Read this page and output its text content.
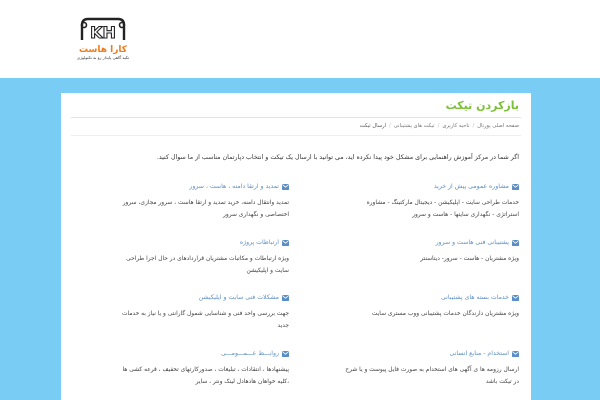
KH
کارا هاست
تکیه گاهی پایدار رو به تکنولوژی
بازکردن تیکت
صفحه اصلی پورتال
/
ناحیه کاربری
/
تیکت های پشتیبانی
/
ارسال تیکت

اگر شما در مرکز آموزش راهنمایی برای مشکل خود پیدا نکرده اید، می توانید با ارسال یک تیکت و انتخاب دپارتمان مناسب از ما سوال کنید.

مشاوره عمومی پیش از خرید
خدمات طراحی سایت - اپلیکیشن - دیجیتال مارکتینگ - مشاوره استراتژی - نگهداری سایتها - هاست و سرور
تمدید و ارتقا دامنه ، هاست ، سرور
تمدید وانتقال دامنه، خرید تمدید و ارتقا هاست ، سرور مجازی، سرور اختصاصی و نگهداری سرور
پشتیبانی فنی هاست و سرور
ویژه مشتریان - هاست - سرور- دیتاسنتر
ارتباطات پروژه
ویژه ارتباطات و مکاتبات مشتریان قراردادهای در حال اجرا طراحی سایت و اپلیکیشن
خدمات بسته های پشتیبانی
ویژه مشتریان دارندگان خدمات پشتیبانی ووب مستری سایت
مشکلات فنی سایت و اپلیکیشن
جهت بررسی واحد فنی و شناسایی شمول گارانتی و یا نیاز به خدمات جدید
استخدام - منابع انسانی
ارسال رزومه ها ی آگهی های استخدام به صورت فایل پیوست و یا شرح در تیکت باشد
روابـــط عـــمـــومـــی
پیشنهادها ، انتقادات ، تبلیغات ، صدورکارتهای تخفیف ، قرعه کشی ها ،کلیه خواهان هادهادل لینک ونتر ، سایر
